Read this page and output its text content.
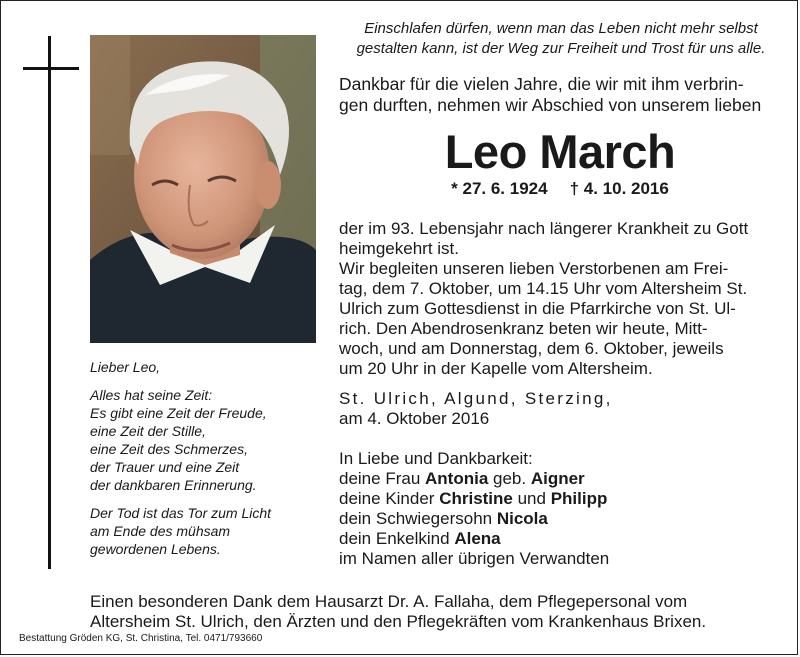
Einschlafen dürfen, wenn man das Leben nicht mehr selbst
gestalten kann, ist der Weg zur Freiheit und Trost für uns alle.
Dankbar für die vielen Jahre, die wir mit ihm verbrin-
gen durften, nehmen wir Abschied von unserem lieben
Leo March
* 27. 6. 1924 † 4. 10. 2016
der im 93. Lebensjahr nach längerer Krankheit zu Gott
heimgekehrt ist.
Wir begleiten unseren lieben Verstorbenen am Frei-
tag, dem 7. Oktober, um 14.15 Uhr vom Altersheim St.
Ulrich zum Gottesdienst in die Pfarrkirche von St. Ul-
rich. Den Abendrosenkranz beten wir heute, Mitt-
woch, und am Donnerstag, dem 6. Oktober, jeweils
um 20 Uhr in der Kapelle vom Altersheim.
St. Ulrich, Algund, Sterzing,
am 4. Oktober 2016
In Liebe und Dankbarkeit:
deine Frau Antonia geb. Aigner
deine Kinder Christine und Philipp
dein Schwiegersohn Nicola
dein Enkelkind Alena
im Namen aller übrigen Verwandten

Lieber Leo,

Alles hat seine Zeit:

Es gibt eine Zeit der Freude,

eine Zeit der Stille,

eine Zeit des Schmerzes,

der Trauer und eine Zeit

der dankbaren Erinnerung.

Der Tod ist das Tor zum Licht

am Ende des mühsam

gewordenen Lebens.

Einen besonderen Dank dem Hausarzt Dr. A. Fallaha, dem Pflegepersonal vom
Altersheim St. Ulrich, den Ärzten und den Pflegekräften vom Krankenhaus Brixen.
Bestattung Gröden KG, St. Christina, Tel. 0471/793660
